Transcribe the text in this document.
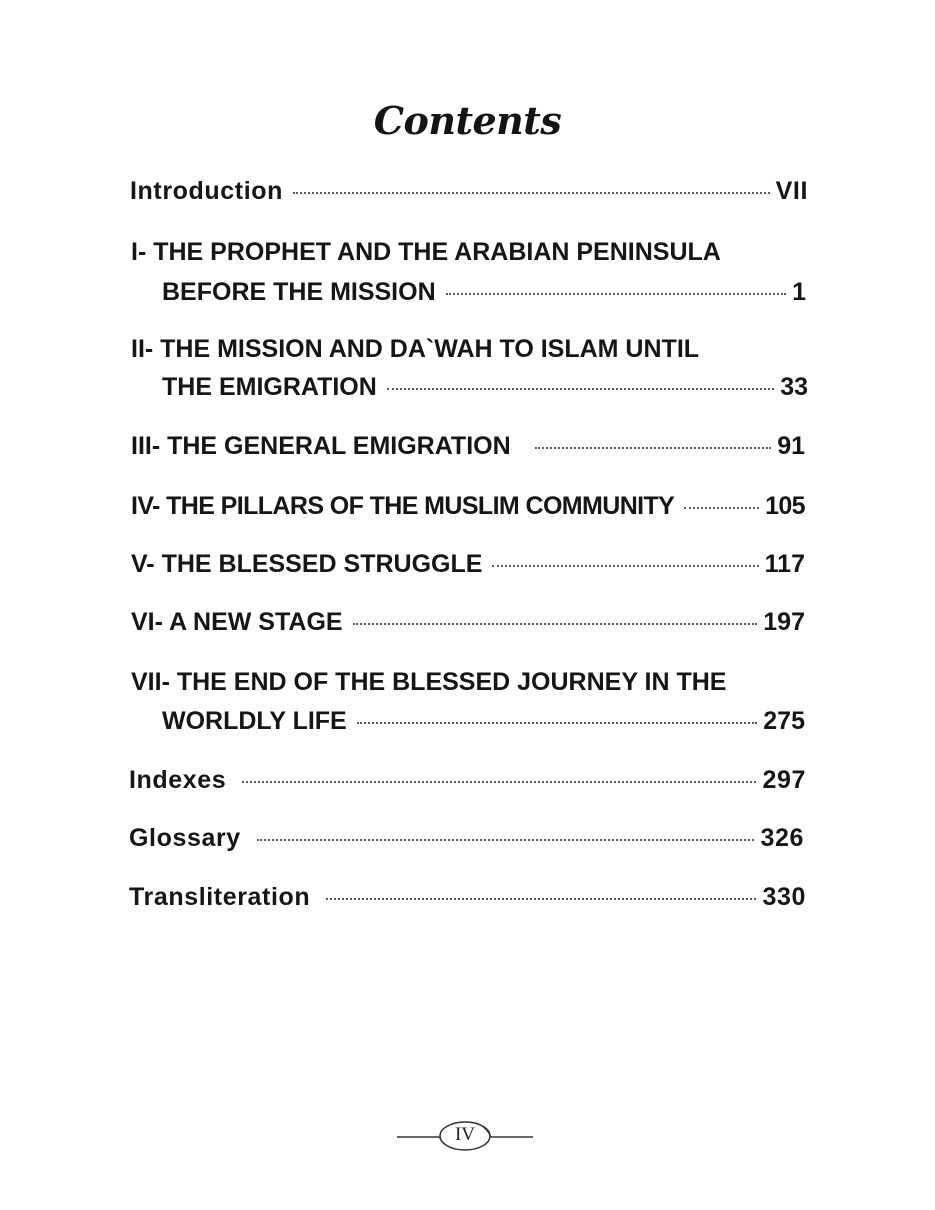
Contents
Introduction	VII
I- THE PROPHET AND THE ARABIAN PENINSULA
BEFORE THE MISSION	1
II- THE MISSION AND DA`WAH TO ISLAM UNTIL
THE EMIGRATION	33
III- THE GENERAL EMIGRATION	91
IV- THE PILLARS OF THE MUSLIM COMMUNITY	105
V- THE BLESSED STRUGGLE	117
VI- A NEW STAGE	197
VII- THE END OF THE BLESSED JOURNEY IN THE
WORLDLY LIFE	275
Indexes	297
Glossary	326
Transliteration	330
IV
